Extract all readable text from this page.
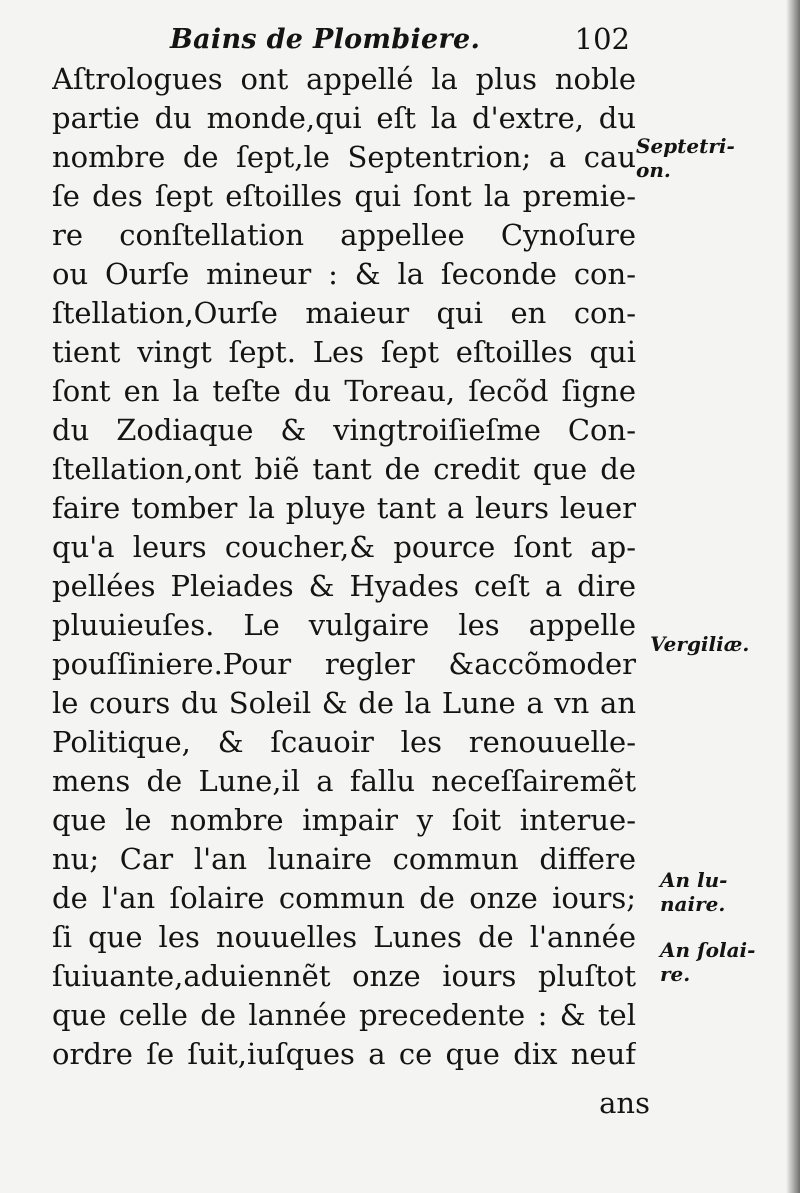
Bains de Plombiere.	102
Aſtrologues ont appellé la plus noble
partie du monde,qui eſt la d'extre, du
nombre de ſept,le Septentrion; a cau
ſe des ſept eſtoilles qui ſont la premie-
re conſtellation appellee Cynoſure
ou Ourſe mineur : & la ſeconde con-
ſtellation,Ourſe maieur qui en con-
tient vingt ſept. Les ſept eſtoilles qui
ſont en la teſte du Toreau, ſecõd ſigne
du Zodiaque & vingtroiſieſme Con-
ſtellation,ont biẽ tant de credit que de
faire tomber la pluye tant a leurs leuer
qu'a leurs coucher,& pource ſont ap-
pellées Pleiades & Hyades ceſt a dire
pluuieuſes. Le vulgaire les appelle
pouſſiniere.Pour regler &accõmoder
le cours du Soleil & de la Lune a vn an
Politique, & ſcauoir les renouuelle-
mens de Lune,il a fallu neceſſairemẽt
que le nombre impair y ſoit interue-
nu; Car l'an lunaire commun differe
de l'an ſolaire commun de onze iours;
ſi que les nouuelles Lunes de l'année
ſuiuante,aduiennẽt onze iours pluſtot
que celle de lannée precedente : & tel
ordre ſe ſuit,iuſques a ce que dix neuf
ans
Septetri-
on.
Vergiliæ.
An lu-
naire.
An ſolai-
re.
